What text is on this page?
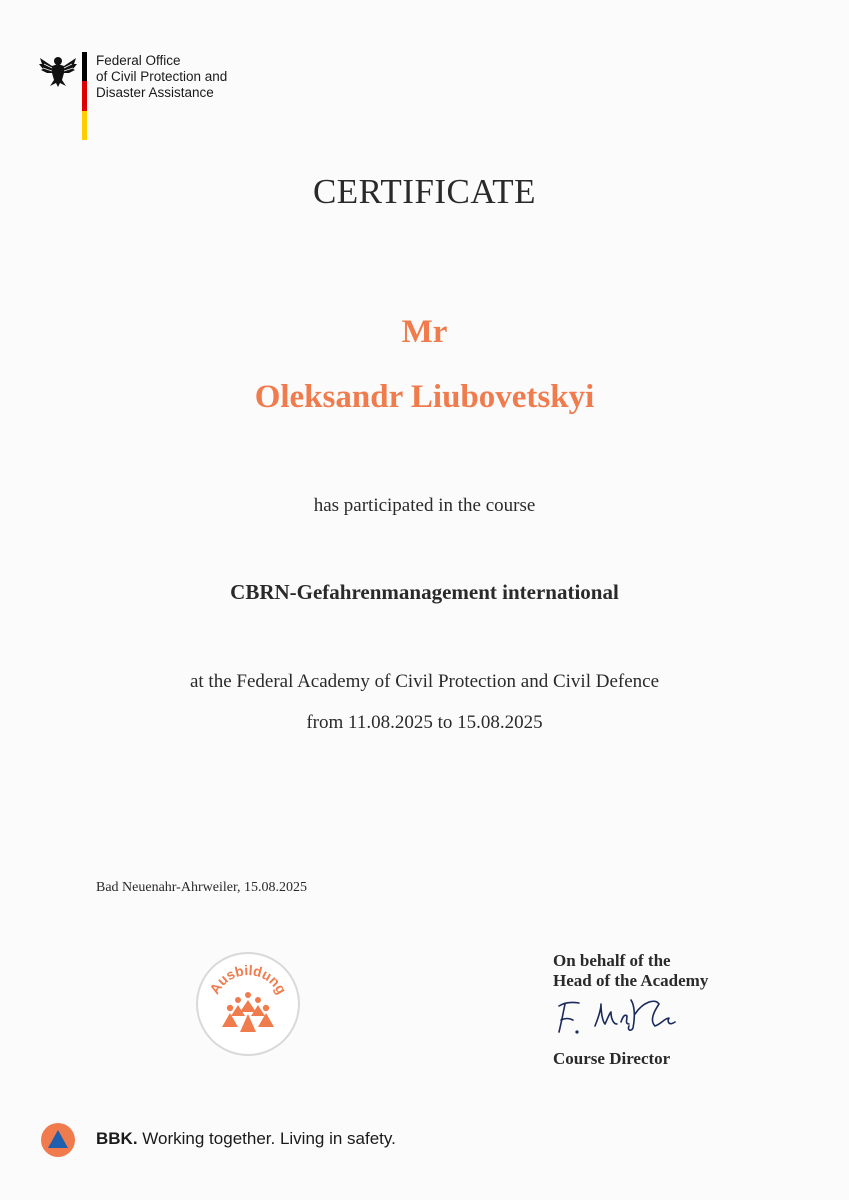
Federal Office
of Civil Protection and
Disaster Assistance
CERTIFICATE
Mr
Oleksandr Liubovetskyi
has participated in the course
CBRN-Gefahrenmanagement international
at the Federal Academy of Civil Protection and Civil Defence
from 11.08.2025 to 15.08.2025
Bad Neuenahr-Ahrweiler, 15.08.2025
Ausbildung
On behalf of the
Head of the Academy
Course Director
BBK. Working together. Living in safety.
